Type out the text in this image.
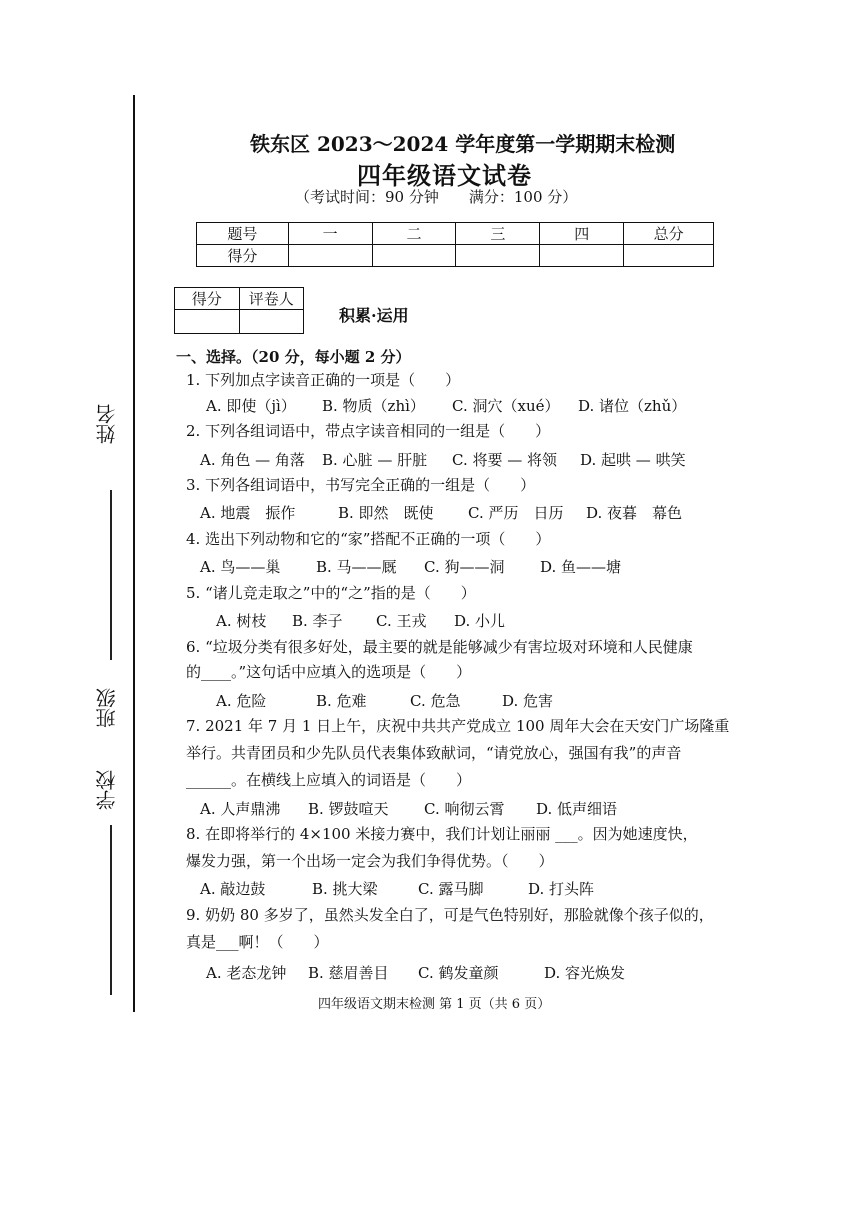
姓名
班级
学校
铁东区 2023～2024 学年度第一学期期末检测
四年级语文试卷
（考试时间：90 分钟　　满分：100 分）
题号	一	二	三	四	总分
得分					
得分	评卷人

积累·运用
一、选择。（20 分，每小题 2 分）
1. 下列加点字读音正确的一项是（　　）
A. 即使（jì） B. 物质（zhì） C. 洞穴（xué） D. 诸位（zhǔ）
2. 下列各组词语中，带点字读音相同的一组是（　　）
A. 角色 — 角落 B. 心脏 — 肝脏 C. 将要 — 将领 D. 起哄 — 哄笑
3. 下列各组词语中，书写完全正确的一组是（　　）
A. 地震　振作	B. 即然　既使 C. 严历　日历 D. 夜暮　幕色
4. 选出下列动物和它的“家”搭配不正确的一项（　　）
A. 鸟——巢 B. 马——厩 C. 狗——洞 D. 鱼——塘
5. “诸儿竞走取之”中的“之”指的是（　　）
A. 树枝 B. 李子 C. 王戎 D. 小儿
6. “垃圾分类有很多好处，最主要的就是能够减少有害垃圾对环境和人民健康
的____。”这句话中应填入的选项是（　　）
A. 危险	B. 危难	C. 危急	D. 危害
7. 2021 年 7 月 1 日上午，庆祝中共共产党成立 100 周年大会在天安门广场隆重
举行。共青团员和少先队员代表集体致献词，“请党放心，强国有我”的声音
______。在横线上应填入的词语是（　　）
A. 人声鼎沸 B. 锣鼓喧天 C. 响彻云霄 D. 低声细语
8. 在即将举行的 4×100 米接力赛中，我们计划让丽丽 ___。因为她速度快，
爆发力强，第一个出场一定会为我们争得优势。（　　）
A. 敲边鼓	B. 挑大梁	C. 露马脚	D. 打头阵
9. 奶奶 80 多岁了，虽然头发全白了，可是气色特别好，那脸就像个孩子似的，
真是___啊！（　　）
A. 老态龙钟 B. 慈眉善目 C. 鹤发童颜	D. 容光焕发
四年级语文期末检测 第 1 页（共 6 页）
